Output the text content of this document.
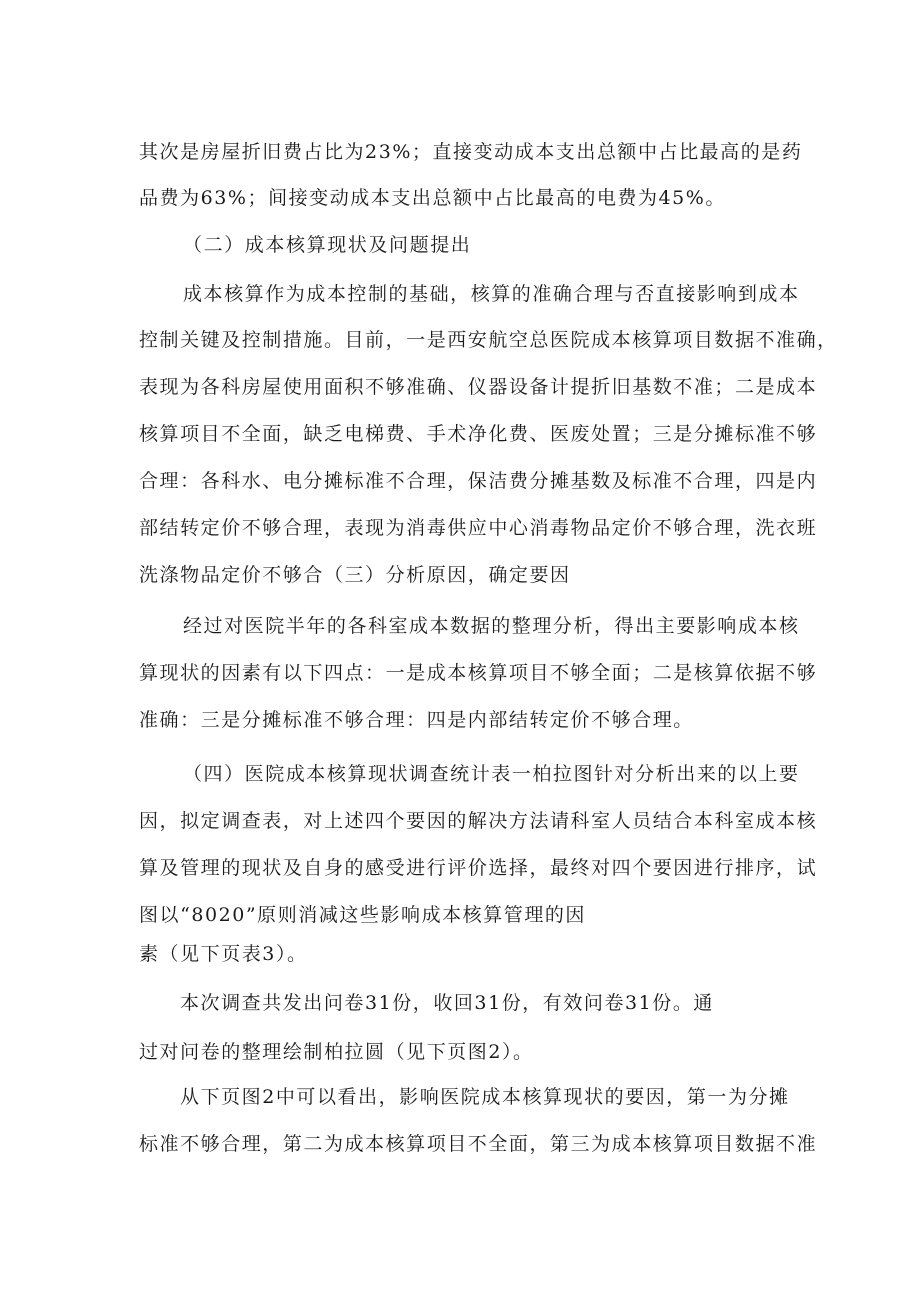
其次是房屋折旧费占比为23%；直接变动成本支出总额中占比最高的是药
品费为63%；间接变动成本支出总额中占比最高的电费为45%。
（二）成本核算现状及问题提出
成本核算作为成本控制的基础，核算的准确合理与否直接影响到成本
控制关键及控制措施。目前，一是西安航空总医院成本核算项目数据不准确，
表现为各科房屋使用面积不够准确、仪器设备计提折旧基数不准；二是成本
核算项目不全面，缺乏电梯费、手术净化费、医废处置；三是分摊标准不够
合理：各科水、电分摊标准不合理，保洁费分摊基数及标准不合理，四是内
部结转定价不够合理，表现为消毒供应中心消毒物品定价不够合理，洗衣班
洗涤物品定价不够合（三）分析原因，确定要因
经过对医院半年的各科室成本数据的整理分析，得出主要影响成本核
算现状的因素有以下四点：一是成本核算项目不够全面；二是核算依据不够
准确：三是分摊标准不够合理：四是内部结转定价不够合理。
（四）医院成本核算现状调查统计表一柏拉图针对分析出来的以上要
因，拟定调查表，对上述四个要因的解决方法请科室人员结合本科室成本核
算及管理的现状及自身的感受进行评价选择，最终对四个要因进行排序，试
图以“8020”原则消减这些影响成本核算管理的因
素（见下页表3）。
本次调查共发出问卷31份，收回31份，有效问卷31份。通
过对问卷的整理绘制柏拉圆（见下页图2）。
从下页图2中可以看出，影响医院成本核算现状的要因，第一为分摊
标准不够合理，第二为成本核算项目不全面，第三为成本核算项目数据不准
